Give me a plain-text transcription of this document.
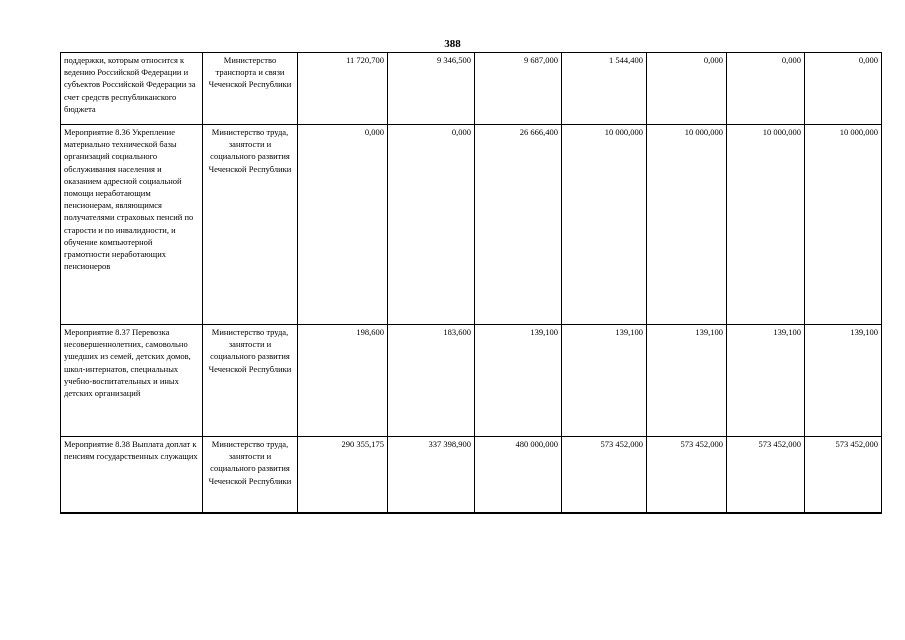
388
поддержки, которым относится к ведению Российской Федерации и субъектов Российской Федерации за счет средств республиканского бюджета	Министерство транспорта и связи Чеченской Республики	11 720,700	9 346,500	9 687,000	1 544,400	0,000	0,000	0,000
Мероприятие 8.36 Укрепление материально технической базы организаций социального обслуживания населения и оказанием адресной социальной помощи неработающим пенсионерам, являющимся получателями страховых пенсий по старости и по инвалидности, и обучение компьютерной грамотности неработающих пенсионеров	Министерство труда, занятости и социального развития Чеченской Республики	0,000	0,000	26 666,400	10 000,000	10 000,000	10 000,000	10 000,000
Мероприятие 8.37 Перевозка несовершеннолетних, самовольно ушедших из семей, детских домов, школ-интернатов, специальных учебно-воспитательных и иных детских организаций	Министерство труда, занятости и социального развития Чеченской Республики	198,600	183,600	139,100	139,100	139,100	139,100	139,100
Мероприятие 8.38 Выплата доплат к пенсиям государственных служащих	Министерство труда, занятости и социального развития Чеченской Республики	290 355,175	337 398,900	480 000,000	573 452,000	573 452,000	573 452,000	573 452,000
